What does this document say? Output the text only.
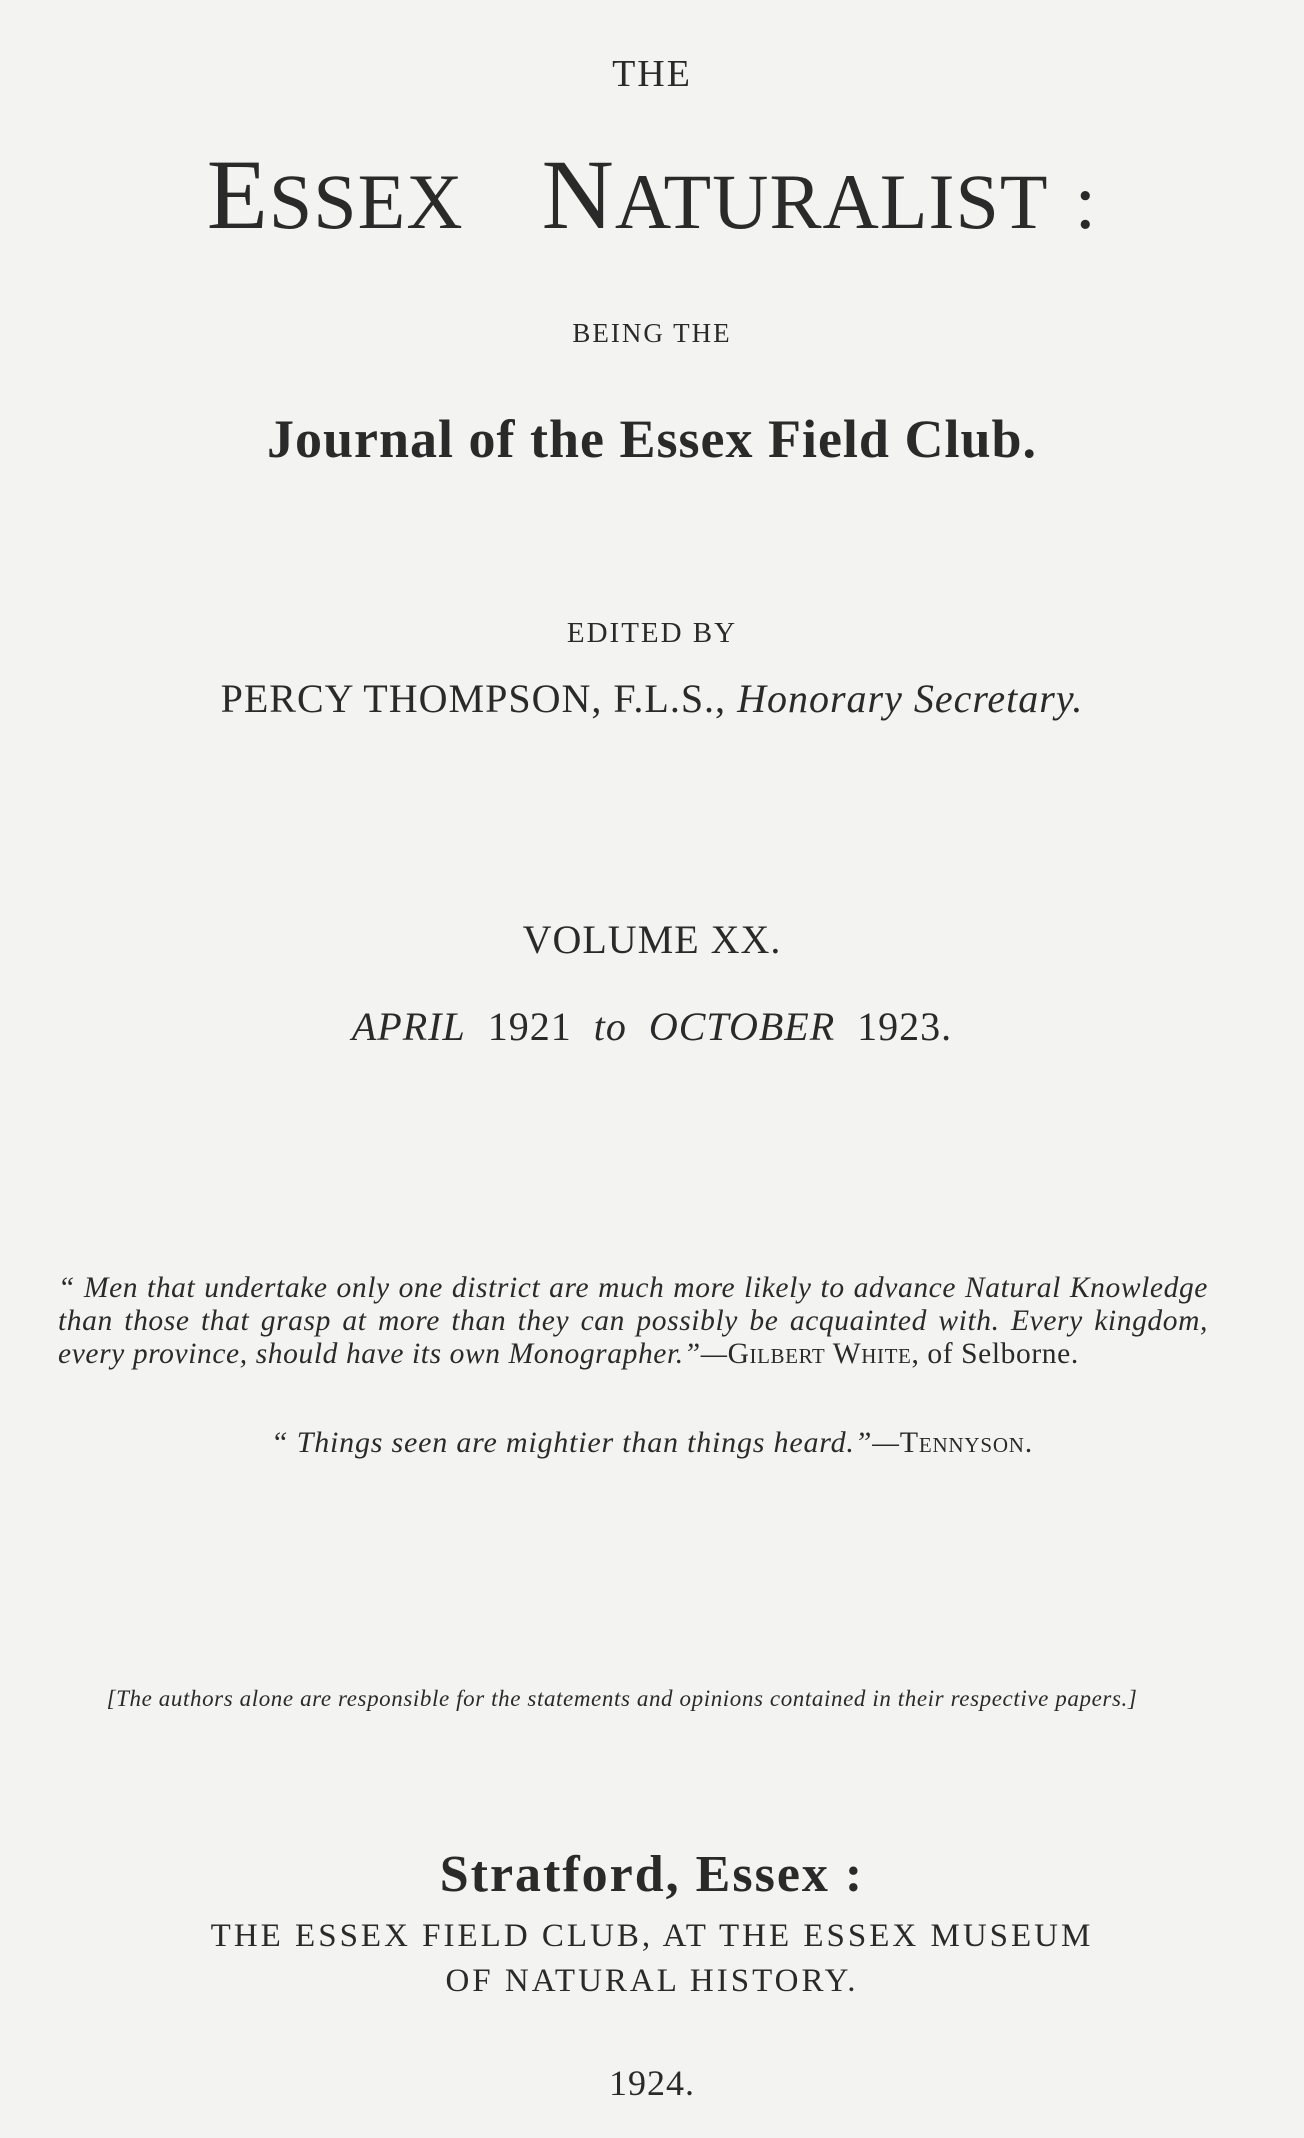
THE
ESSEX NATURALIST :
BEING THE
Journal of the Essex Field Club.
EDITED BY
PERCY THOMPSON, F.L.S., Honorary Secretary.
VOLUME XX.
APRIL 1921 to OCTOBER 1923.
“ Men that undertake only one district are much more likely to advance Natural Knowledge than those that grasp at more than they can possibly be acquainted with. Every kingdom, every province, should have its own Monographer.”—Gilbert White, of Selborne.
“ Things seen are mightier than things heard.”—Tennyson.
[The authors alone are responsible for the statements and opinions contained in their respective papers.]
Stratford, Essex :
THE ESSEX FIELD CLUB, AT THE ESSEX MUSEUM
OF NATURAL HISTORY.
1924.
